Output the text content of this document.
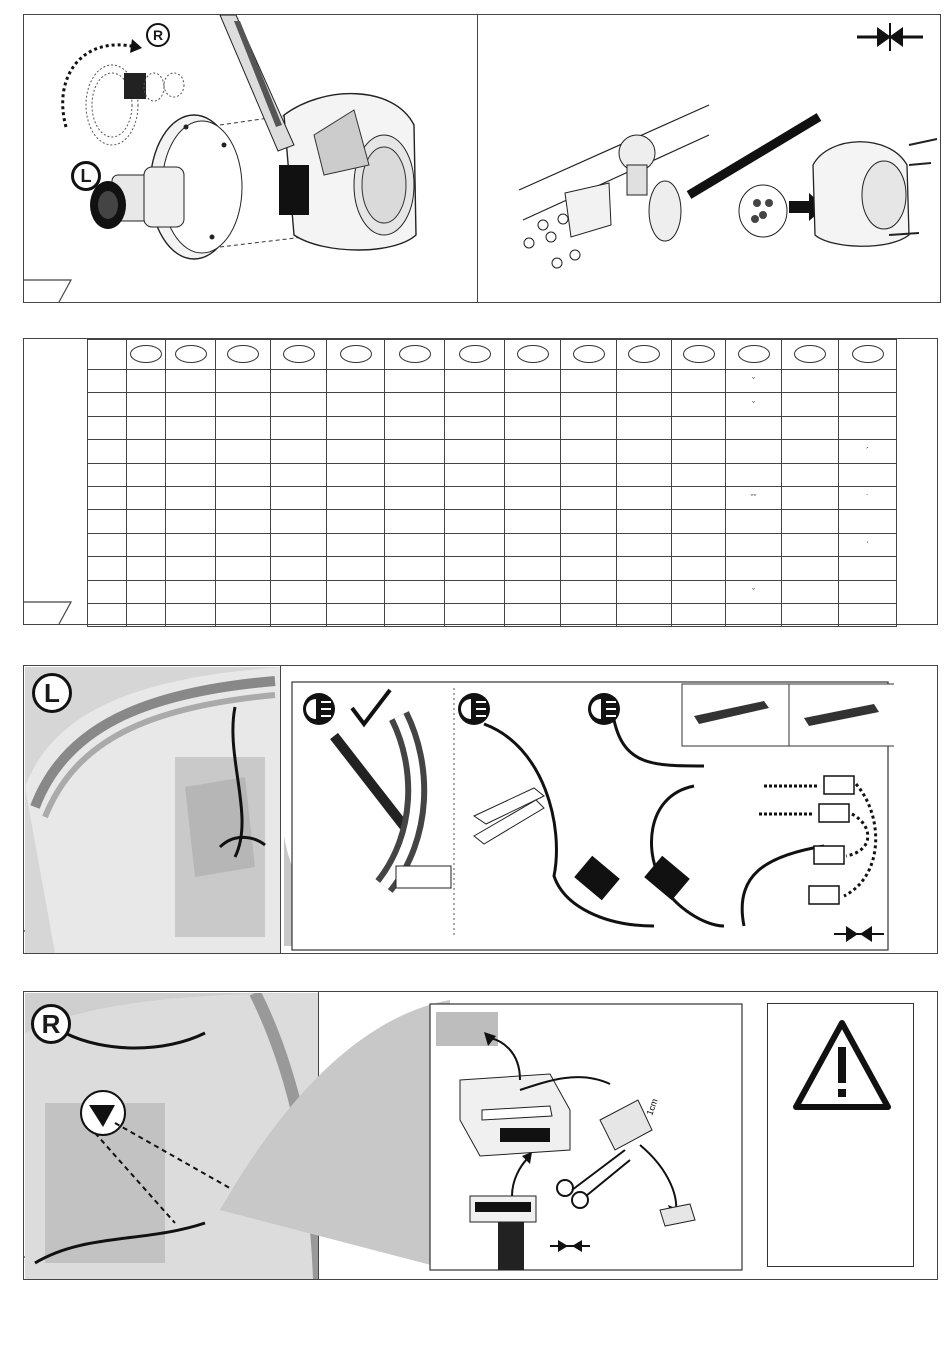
R
L

												ˇ		
												ˇ		

														´

												ˇˇ		˙

														ˈ

												ˇ		

L
R
1cm
